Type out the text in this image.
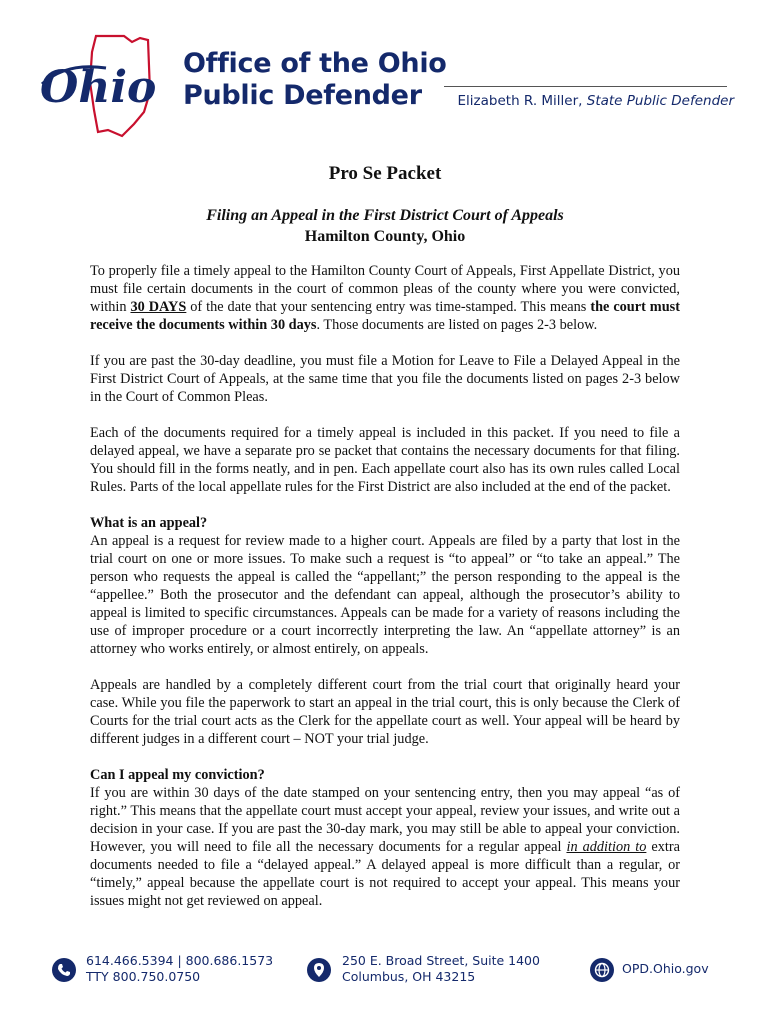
Ohio Office of the Ohio
Public Defender	Elizabeth R. Miller, State Public Defender
Pro Se Packet
Filing an Appeal in the First District Court of Appeals
Hamilton County, Ohio

To properly file a timely appeal to the Hamilton County Court of Appeals, First Appellate District, you must file certain documents in the court of common pleas of the county where you were convicted, within 30 DAYS of the date that your sentencing entry was time-stamped. This means the court must receive the documents within 30 days. Those documents are listed on pages 2-3 below.

If you are past the 30-day deadline, you must file a Motion for Leave to File a Delayed Appeal in the First District Court of Appeals, at the same time that you file the documents listed on pages 2-3 below in the Court of Common Pleas.

Each of the documents required for a timely appeal is included in this packet. If you need to file a delayed appeal, we have a separate pro se packet that contains the necessary documents for that filing. You should fill in the forms neatly, and in pen. Each appellate court also has its own rules called Local Rules. Parts of the local appellate rules for the First District are also included at the end of the packet.

What is an appeal?

An appeal is a request for review made to a higher court. Appeals are filed by a party that lost in the trial court on one or more issues. To make such a request is “to appeal” or “to take an appeal.” The person who requests the appeal is called the “appellant;” the person responding to the appeal is the “appellee.” Both the prosecutor and the defendant can appeal, although the prosecutor’s ability to appeal is limited to specific circumstances. Appeals can be made for a variety of reasons including the use of improper procedure or a court incorrectly interpreting the law. An “appellate attorney” is an attorney who works entirely, or almost entirely, on appeals.

Appeals are handled by a completely different court from the trial court that originally heard your case. While you file the paperwork to start an appeal in the trial court, this is only because the Clerk of Courts for the trial court acts as the Clerk for the appellate court as well. Your appeal will be heard by different judges in a different court – NOT your trial judge.

Can I appeal my conviction?

If you are within 30 days of the date stamped on your sentencing entry, then you may appeal “as of right.” This means that the appellate court must accept your appeal, review your issues, and write out a decision in your case. If you are past the 30-day mark, you may still be able to appeal your conviction. However, you will need to file all the necessary documents for a regular appeal in addition to extra documents needed to file a “delayed appeal.” A delayed appeal is more difficult than a regular, or “timely,” appeal because the appellate court is not required to accept your appeal. This means your issues might not get reviewed on appeal.

614.466.5394 | 800.686.1573
TTY 800.750.0750
250 E. Broad Street, Suite 1400
Columbus, OH 43215
OPD.Ohio.gov
